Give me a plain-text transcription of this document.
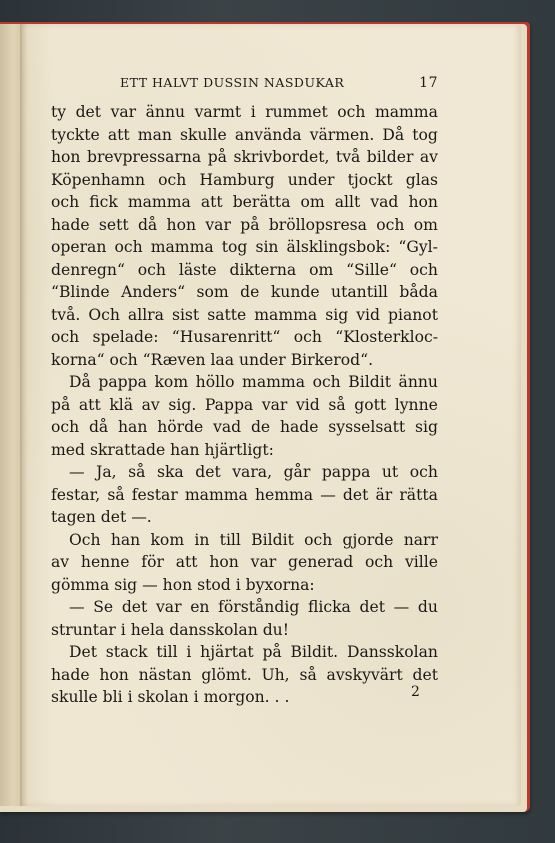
ETT HALVT DUSSIN NASDUKAR	17
ty det var ännu varmt i rummet och mamma
tyckte att man skulle använda värmen. Då tog
hon brevpressarna på skrivbordet, två bilder av
Köpenhamn och Hamburg under tjockt glas
och fick mamma att berätta om allt vad hon
hade sett då hon var på bröllopsresa och om
operan och mamma tog sin älsklingsbok: “Gyl-
denregn“ och läste dikterna om “Sille“ och
“Blinde Anders“ som de kunde utantill båda
två. Och allra sist satte mamma sig vid pianot
och spelade: “Husarenritt“ och “Klosterkloc-
korna“ och “Ræven laa under Birkerod“.
Då pappa kom höllo mamma och Bildit ännu
på att klä av sig. Pappa var vid så gott lynne
och då han hörde vad de hade sysselsatt sig
med skrattade han hjärtligt:
— Ja, så ska det vara, går pappa ut och
festar, så festar mamma hemma — det är rätta
tagen det —.
Och han kom in till Bildit och gjorde narr
av henne för att hon var generad och ville
gömma sig — hon stod i byxorna:
— Se det var en förståndig flicka det — du
struntar i hela dansskolan du!
Det stack till i hjärtat på Bildit. Dansskolan
hade hon nästan glömt. Uh, så avskyvärt det
skulle bli i skolan i morgon. . .	2
